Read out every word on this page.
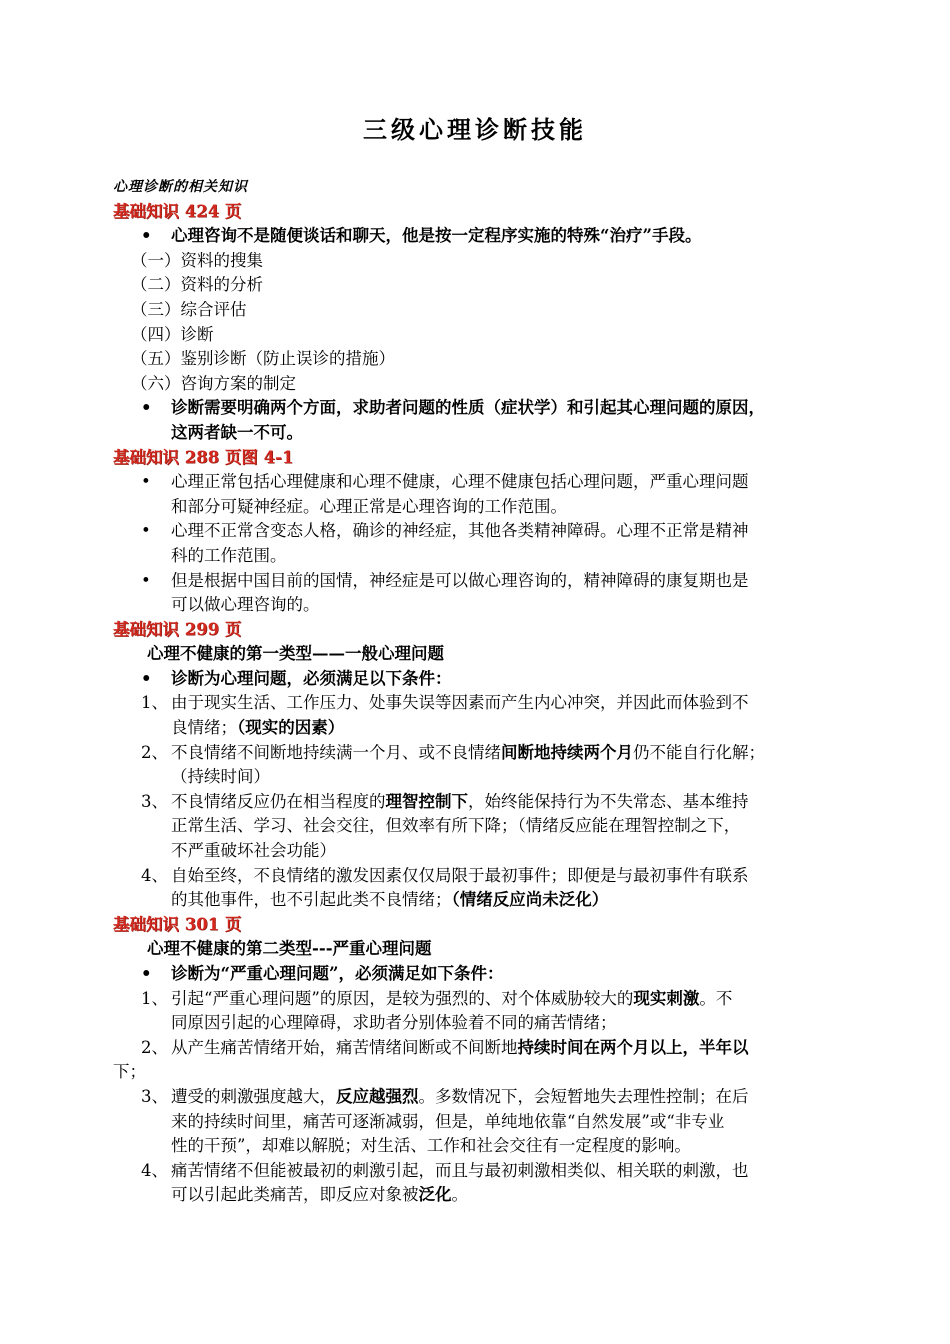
三级心理诊断技能
心理诊断的相关知识
基础知识 424 页
• 心理咨询不是随便谈话和聊天，他是按一定程序实施的特殊“治疗”手段。
（一）资料的搜集
（二）资料的分析
（三）综合评估
（四）诊断
（五）鉴别诊断（防止误诊的措施）
（六）咨询方案的制定
• 诊断需要明确两个方面，求助者问题的性质（症状学）和引起其心理问题的原因，
这两者缺一不可。
基础知识 288 页图 4-1
• 心理正常包括心理健康和心理不健康，心理不健康包括心理问题，严重心理问题
和部分可疑神经症。心理正常是心理咨询的工作范围。
• 心理不正常含变态人格，确诊的神经症，其他各类精神障碍。心理不正常是精神
科的工作范围。
• 但是根据中国目前的国情，神经症是可以做心理咨询的，精神障碍的康复期也是
可以做心理咨询的。
基础知识 299 页
心理不健康的第一类型——一般心理问题
• 诊断为心理问题，必须满足以下条件：
1、 由于现实生活、工作压力、处事失误等因素而产生内心冲突，并因此而体验到不
良情绪；（现实的因素）
2、 不良情绪不间断地持续满一个月、或不良情绪间断地持续两个月仍不能自行化解；
（持续时间）
3、 不良情绪反应仍在相当程度的理智控制下，始终能保持行为不失常态、基本维持
正常生活、学习、社会交往，但效率有所下降；（情绪反应能在理智控制之下，
不严重破坏社会功能）
4、 自始至终，不良情绪的激发因素仅仅局限于最初事件；即便是与最初事件有联系
的其他事件，也不引起此类不良情绪；（情绪反应尚未泛化）
基础知识 301 页
心理不健康的第二类型---严重心理问题
• 诊断为“严重心理问题”，必须满足如下条件：
1、 引起“严重心理问题”的原因，是较为强烈的、对个体威胁较大的现实刺激。不
同原因引起的心理障碍，求助者分别体验着不同的痛苦情绪；
2、 从产生痛苦情绪开始，痛苦情绪间断或不间断地持续时间在两个月以上，半年以
下；
3、 遭受的刺激强度越大，反应越强烈。多数情况下，会短暂地失去理性控制；在后
来的持续时间里，痛苦可逐渐减弱，但是，单纯地依靠“自然发展”或“非专业
性的干预”，却难以解脱；对生活、工作和社会交往有一定程度的影响。
4、 痛苦情绪不但能被最初的刺激引起，而且与最初刺激相类似、相关联的刺激，也
可以引起此类痛苦，即反应对象被泛化。
